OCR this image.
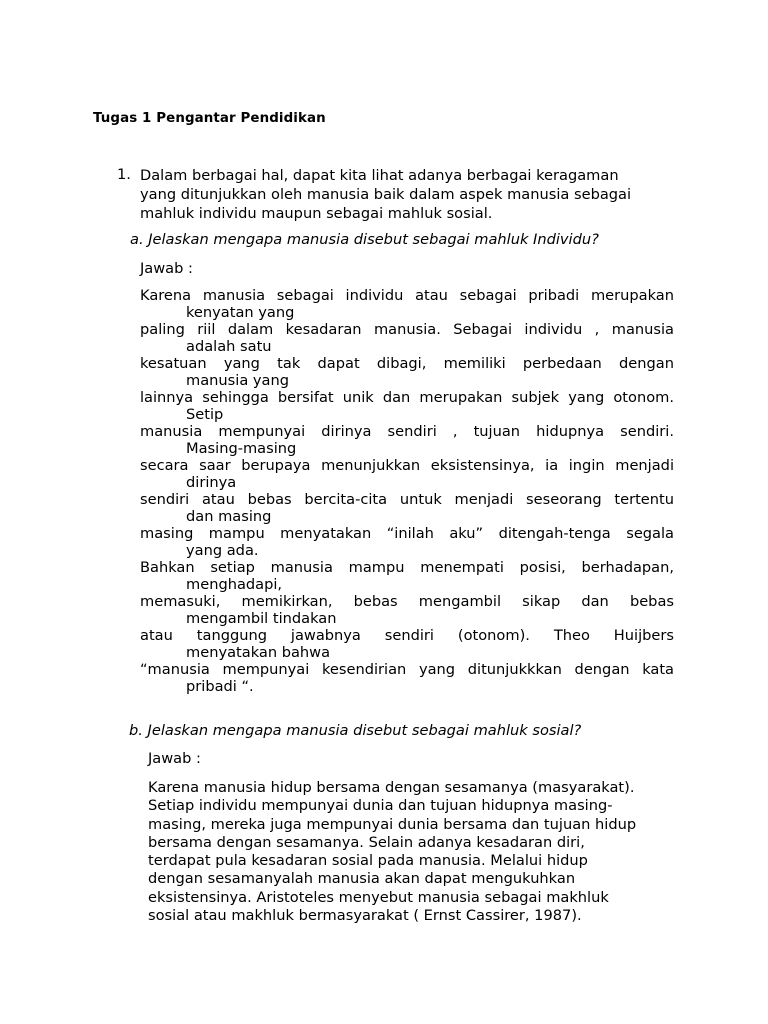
Tugas 1 Pengantar Pendidikan
1. Dalam berbagai hal, dapat kita lihat adanya berbagai keragaman
yang ditunjukkan oleh manusia baik dalam aspek manusia sebagai
mahluk individu maupun sebagai mahluk sosial.
a. Jelaskan mengapa manusia disebut sebagai mahluk Individu?
Jawab :
Karena manusia sebagai individu atau sebagai pribadi merupakan
kenyatan yang
paling riil dalam kesadaran manusia. Sebagai individu , manusia
adalah satu
kesatuan yang tak dapat dibagi, memiliki perbedaan dengan
manusia yang
lainnya sehingga bersifat unik dan merupakan subjek yang otonom.
Setip
manusia mempunyai dirinya sendiri , tujuan hidupnya sendiri.
Masing-masing
secara saar berupaya menunjukkan eksistensinya, ia ingin menjadi
dirinya
sendiri atau bebas bercita-cita untuk menjadi seseorang tertentu
dan masing
masing mampu menyatakan “inilah aku” ditengah-tenga segala
yang ada.
Bahkan setiap manusia mampu menempati posisi, berhadapan,
menghadapi,
memasuki, memikirkan, bebas mengambil sikap dan bebas
mengambil tindakan
atau tanggung jawabnya sendiri (otonom). Theo Huijbers
menyatakan bahwa
“manusia mempunyai kesendirian yang ditunjukkkan dengan kata
pribadi “.
b. Jelaskan mengapa manusia disebut sebagai mahluk sosial?
Jawab :
Karena manusia hidup bersama dengan sesamanya (masyarakat).
Setiap individu mempunyai dunia dan tujuan hidupnya masing-
masing, mereka juga mempunyai dunia bersama dan tujuan hidup
bersama dengan sesamanya. Selain adanya kesadaran diri,
terdapat pula kesadaran sosial pada manusia. Melalui hidup
dengan sesamanyalah manusia akan dapat mengukuhkan
eksistensinya. Aristoteles menyebut manusia sebagai makhluk
sosial atau makhluk bermasyarakat ( Ernst Cassirer, 1987).
